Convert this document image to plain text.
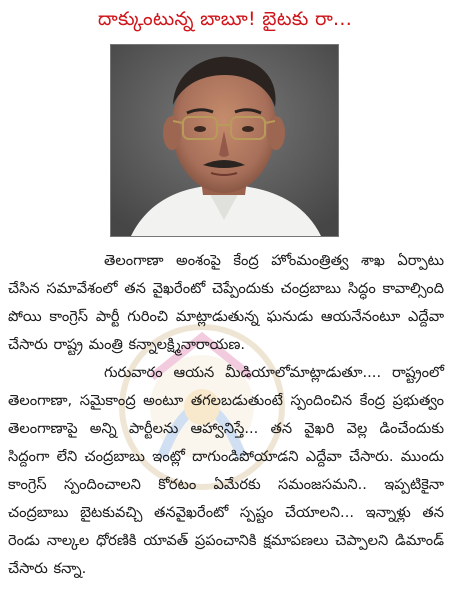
దాక్కుంటున్న బాబూ! బైటకు రా...

తెలంగాణా అంశంపై కేంద్ర హోంమంత్రిత్వ శాఖ ఏర్పాటు చేసిన సమావేశంలో తన వైఖరేంటో చెప్పేందుకు చంద్రబాబు సిద్ధం కావాల్సింది పోయి కాంగ్రెస్ పార్టీ గురించి మాట్లాడుతున్న ఘనుడు ఆయనేనంటూ ఎద్దేవా చేసారు రాష్ట్ర మంత్రి కన్నాలక్ష్మినారాయణ.

గురువారం ఆయన మీడియాలోమాట్లాడుతూ.... రాష్ట్రంలో తెలంగాణా, సమైకాంద్ర అంటూ తగలబడుతుంటే స్పందించిన కేంద్ర ప్రభుత్వం తెలంగాణాపై అన్ని పార్టీలను ఆహ్వానిస్తే... తన వైఖరి వెల్ల డించేందుకు సిద్దంగా లేని చంద్రబాబు ఇంట్లో దాగుండిపోయాడని ఎద్దేవా చేసారు. ముందు కాంగ్రెస్ స్పందించాలని కోరటం ఏమేరకు సమంజసమని.. ఇప్పటికైనా చంద్రబాబు బైటకువచ్చి తనవైఖరేంటో స్పష్టం చేయాలని... ఇన్నాళ్లు తన రెండు నాల్కల ధోరణికి యావత్ ప్రపంచానికి క్షమాపణలు చెప్పాలని డిమాండ్ చేసారు కన్నా.
